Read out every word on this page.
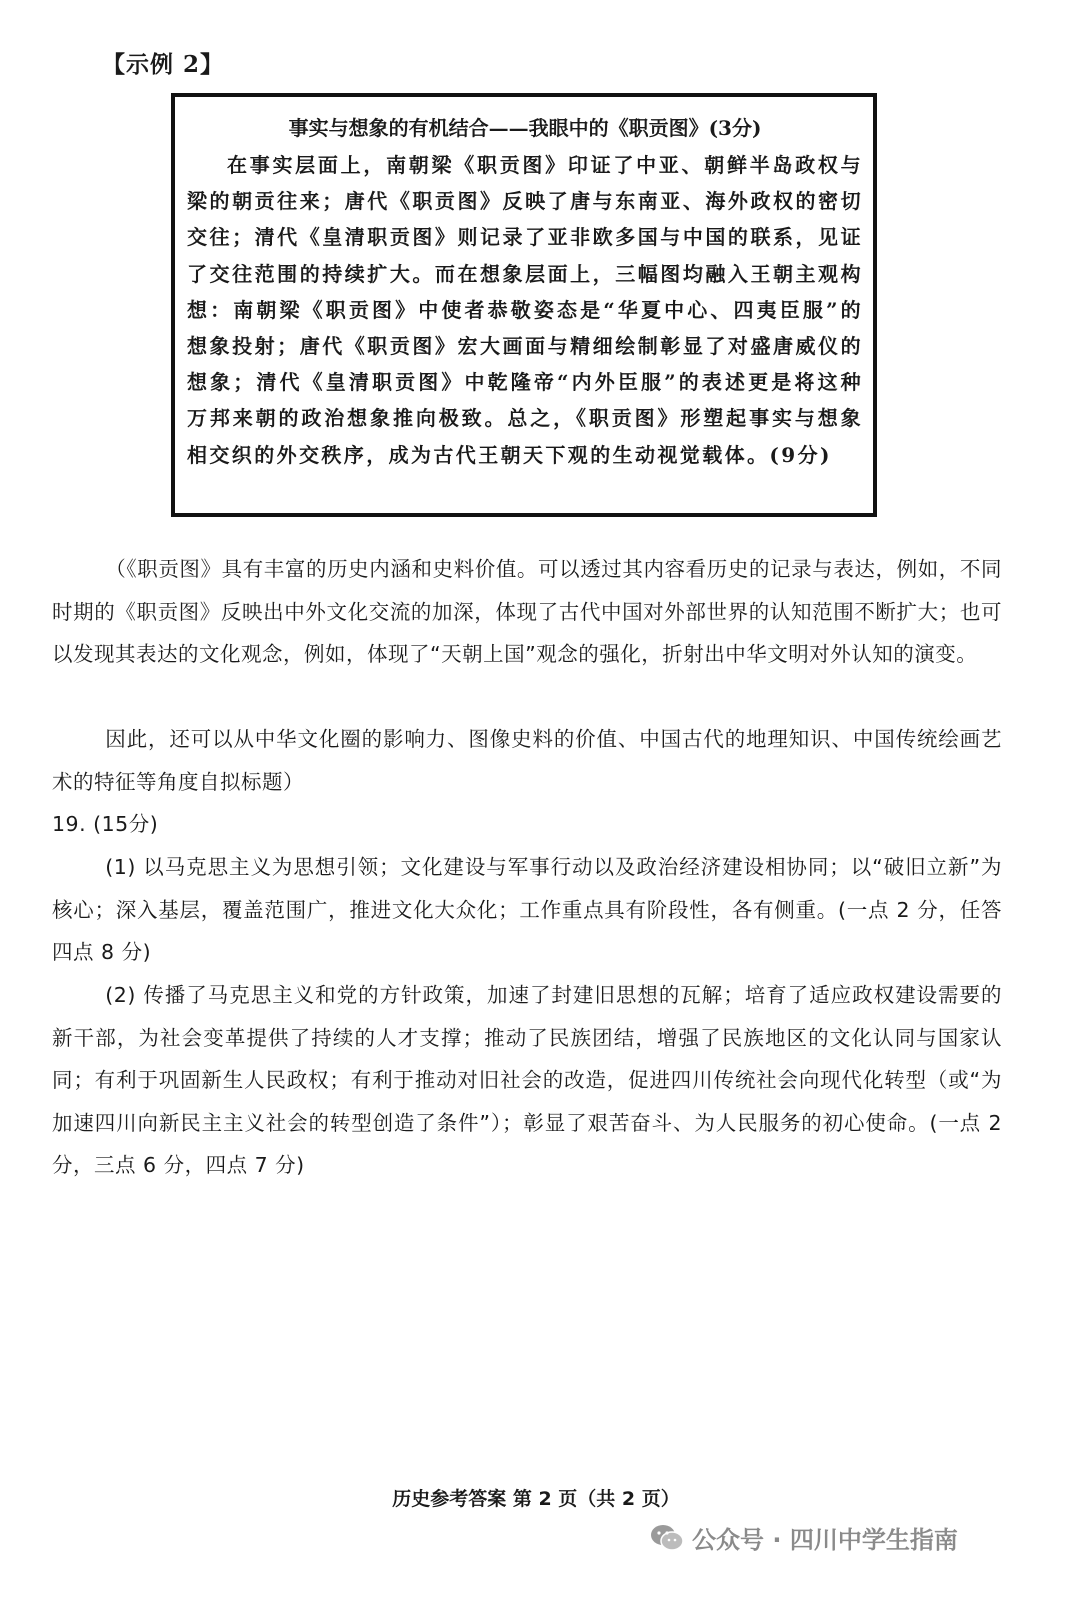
【示例 2】

事实与想象的有机结合——我眼中的《职贡图》(3分)

在事实层面上，南朝梁《职贡图》印证了中亚、朝鲜半岛政权与梁的朝贡往来；唐代《职贡图》反映了唐与东南亚、海外政权的密切交往；清代《皇清职贡图》则记录了亚非欧多国与中国的联系，见证了交往范围的持续扩大。而在想象层面上，三幅图均融入王朝主观构想：南朝梁《职贡图》中使者恭敬姿态是“华夏中心、四夷臣服”的想象投射；唐代《职贡图》宏大画面与精细绘制彰显了对盛唐威仪的想象；清代《皇清职贡图》中乾隆帝“内外臣服”的表述更是将这种万邦来朝的政治想象推向极致。总之，《职贡图》形塑起事实与想象相交织的外交秩序，成为古代王朝天下观的生动视觉载体。(9分)

（《职贡图》具有丰富的历史内涵和史料价值。可以透过其内容看历史的记录与表达，例如，不同时期的《职贡图》反映出中外文化交流的加深，体现了古代中国对外部世界的认知范围不断扩大；也可以发现其表达的文化观念，例如，体现了“天朝上国”观念的强化，折射出中华文明对外认知的演变。

因此，还可以从中华文化圈的影响力、图像史料的价值、中国古代的地理知识、中国传统绘画艺术的特征等角度自拟标题）

19. (15分)

(1) 以马克思主义为思想引领；文化建设与军事行动以及政治经济建设相协同；以“破旧立新”为核心；深入基层，覆盖范围广，推进文化大众化；工作重点具有阶段性，各有侧重。(一点 2 分，任答四点 8 分)

(2) 传播了马克思主义和党的方针政策，加速了封建旧思想的瓦解；培育了适应政权建设需要的新干部，为社会变革提供了持续的人才支撑；推动了民族团结，增强了民族地区的文化认同与国家认同；有利于巩固新生人民政权；有利于推动对旧社会的改造，促进四川传统社会向现代化转型（或“为加速四川向新民主主义社会的转型创造了条件”）；彰显了艰苦奋斗、为人民服务的初心使命。(一点 2 分，三点 6 分，四点 7 分)

历史参考答案 第 2 页（共 2 页）
公众号 · 四川中学生指南
